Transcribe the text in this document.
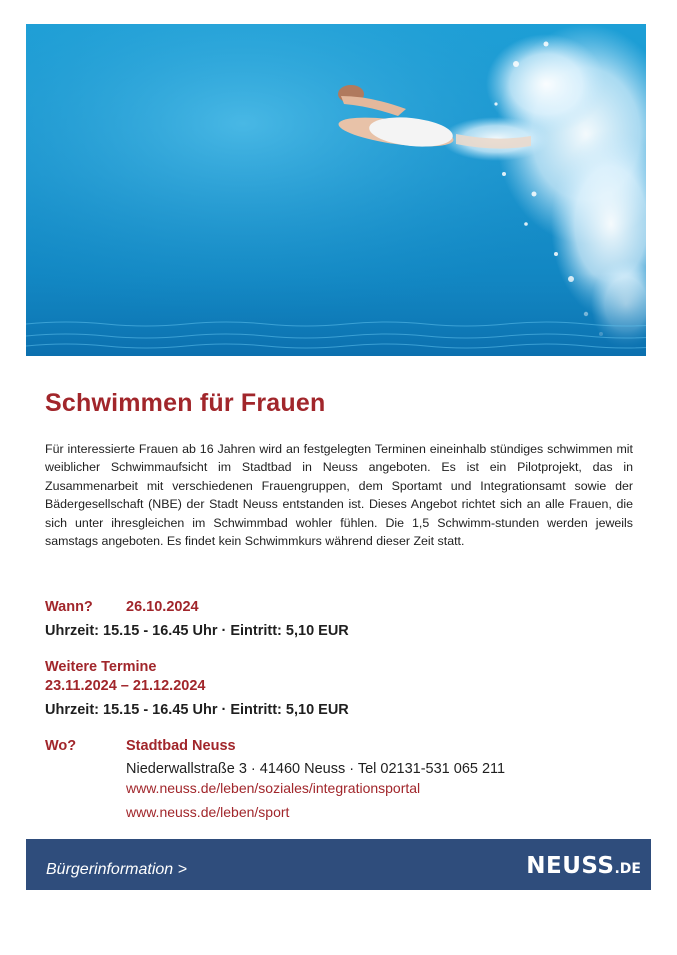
Schwimmen für Frauen

Für interessierte Frauen ab 16 Jahren wird an festgelegten Terminen eineinhalb stündiges schwimmen mit weiblicher Schwimmaufsicht im Stadtbad in Neuss angeboten. Es ist ein Pilotprojekt, das in Zusammenarbeit mit verschiedenen Frauengruppen, dem Sportamt und Integrationsamt sowie der Bädergesellschaft (NBE) der Stadt Neuss entstanden ist. Dieses Angebot richtet sich an alle Frauen, die sich unter ihresgleichen im Schwimmbad wohler fühlen. Die 1,5 Schwimm-stunden werden jeweils samstags angeboten. Es findet kein Schwimmkurs während dieser Zeit statt.

Wann? 26.10.2024
Uhrzeit: 15.15 - 16.45 Uhr · Eintritt: 5,10 EUR
Weitere Termine
23.11.2024 – 21.12.2024
Uhrzeit: 15.15 - 16.45 Uhr · Eintritt: 5,10 EUR
Wo?	Stadtbad Neuss
Niederwallstraße 3 · 41460 Neuss · Tel 02131-531 065 211
www.neuss.de/leben/soziales/integrationsportal
www.neuss.de/leben/sport
Bürgerinformation >	NEUSS.DE
